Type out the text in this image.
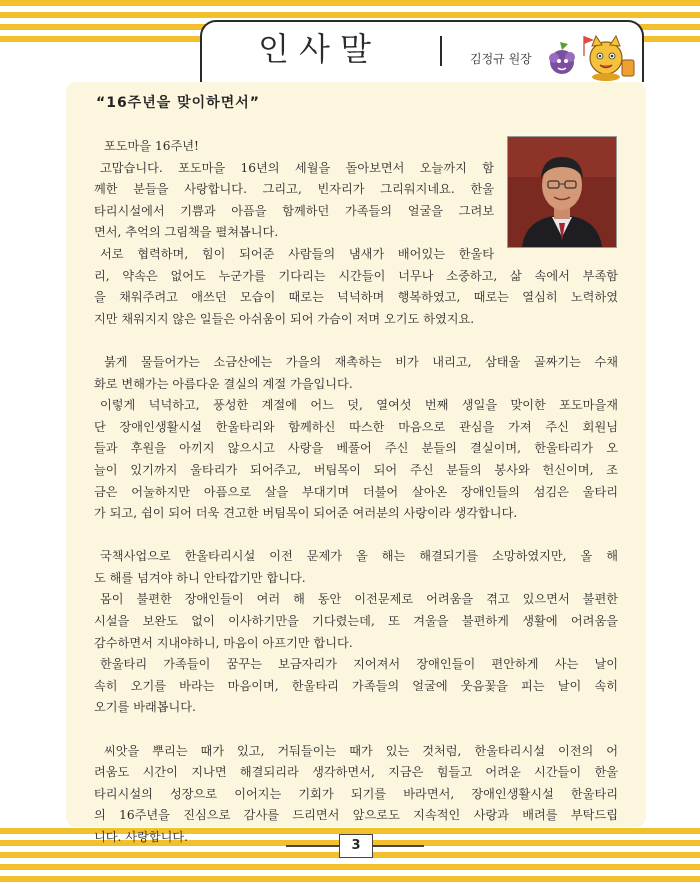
인사말	김정규 원장
“16주년을 맞이하면서”
포도마을 16주년!
고맙습니다. 포도마을 16년의 세월을 돌아보면서 오늘까지 함
께한 분들을 사랑합니다. 그리고, 빈자리가 그리워지네요. 한울
타리시설에서 기쁨과 아픔을 함께하던 가족들의 얼굴을 그려보
면서, 추억의 그림책을 펼쳐봅니다.
서로 협력하며, 힘이 되어준 사람들의 냄새가 배어있는 한울타
리, 약속은 없어도 누군가를 기다리는 시간들이 너무나 소중하고, 삶 속에서 부족함
을 채워주려고 애쓰던 모습이 때로는 넉넉하며 행복하였고, 때로는 열심히 노력하였
지만 채워지지 않은 일들은 아쉬움이 되어 가슴이 저며 오기도 하였지요.
붉게 물들어가는 소금산에는 가을의 재촉하는 비가 내리고, 삼태울 골짜기는 수채
화로 변해가는 아름다운 결실의 계절 가을입니다.
이렇게 넉넉하고, 풍성한 계절에 어느 덧, 열여섯 번째 생일을 맞이한 포도마을재
단 장애인생활시설 한울타리와 함께하신 따스한 마음으로 관심을 가져 주신 회원님
들과 후원을 아끼지 않으시고 사랑을 베풀어 주신 분들의 결실이며, 한울타리가 오
늘이 있기까지 울타리가 되어주고, 버팀목이 되어 주신 분들의 봉사와 헌신이며, 조
금은 어눌하지만 아픔으로 살을 부대기며 더불어 살아온 장애인들의 섬김은 울타리
가 되고, 쉼이 되어 더욱 견고한 버팀목이 되어준 여러분의 사랑이라 생각합니다.
국책사업으로 한울타리시설 이전 문제가 올 해는 해결되기를 소망하였지만, 올 해
도 해를 넘겨야 하니 안타깝기만 합니다.
몸이 불편한 장애인들이 여러 해 동안 이전문제로 어려움을 겪고 있으면서 불편한
시설을 보완도 없이 이사하기만을 기다렸는데, 또 겨울을 불편하게 생활에 어려움을
감수하면서 지내야하니, 마음이 아프기만 합니다.
한울타리 가족들이 꿈꾸는 보금자리가 지어져서 장애인들이 편안하게 사는 날이
속히 오기를 바라는 마음이며, 한울타리 가족들의 얼굴에 웃음꽃을 피는 날이 속히
오기를 바래봅니다.
씨앗을 뿌리는 때가 있고, 거둬들이는 때가 있는 것처럼, 한울타리시설 이전의 어
려움도 시간이 지나면 해결되리라 생각하면서, 지금은 힘들고 어려운 시간들이 한울
타리시설의 성장으로 이어지는 기회가 되기를 바라면서, 장애인생활시설 한울타리
의 16주년을 진심으로 감사를 드리면서 앞으로도 지속적인 사랑과 배려를 부탁드립
니다. 사랑합니다.
3
